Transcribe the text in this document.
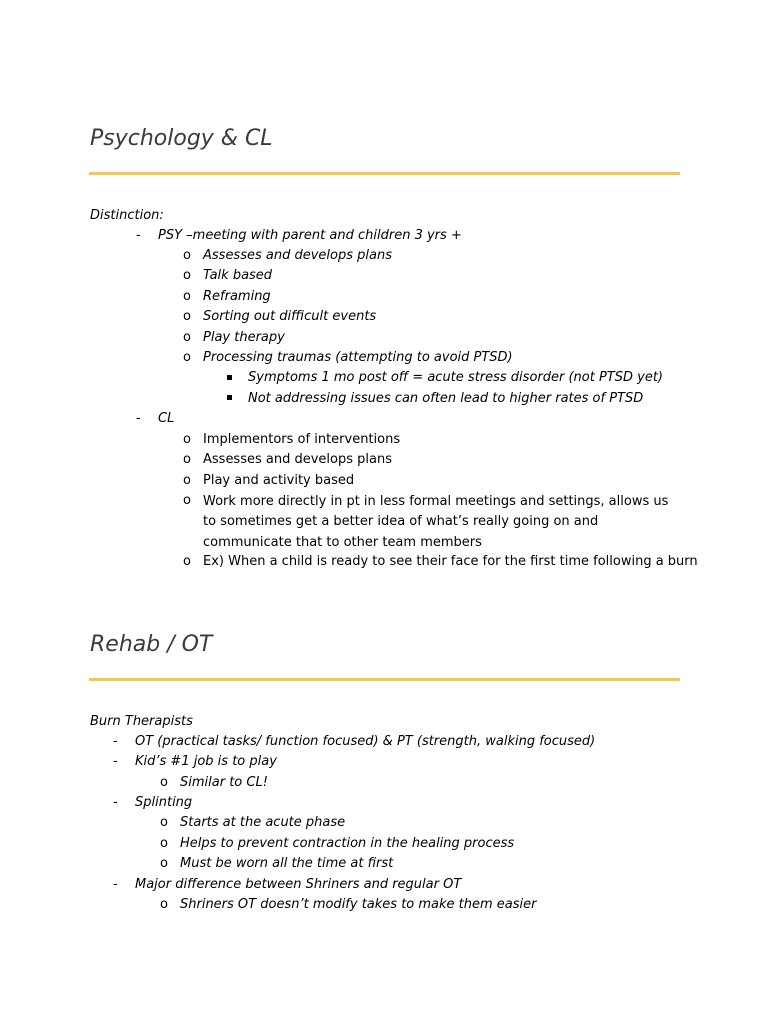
Psychology & CL

Distinction:

- PSY –meeting with parent and children 3 yrs +

o Assesses and develops plans

o Talk based

o Reframing

o Sorting out difficult events

o Play therapy

o Processing traumas (attempting to avoid PTSD)

Symptoms 1 mo post off = acute stress disorder (not PTSD yet)

Not addressing issues can often lead to higher rates of PTSD

- CL

o Implementors of interventions

o Assesses and develops plans

o Play and activity based

o Work more directly in pt in less formal meetings and settings, allows us to sometimes get a better idea of what’s really going on and communicate that to other team members

o Ex) When a child is ready to see their face for the first time following a burn

Rehab / OT

Burn Therapists

- OT (practical tasks/ function focused) & PT (strength, walking focused)

- Kid’s #1 job is to play

o Similar to CL!

- Splinting

o Starts at the acute phase

o Helps to prevent contraction in the healing process

o Must be worn all the time at first

- Major difference between Shriners and regular OT

o Shriners OT doesn’t modify takes to make them easier
